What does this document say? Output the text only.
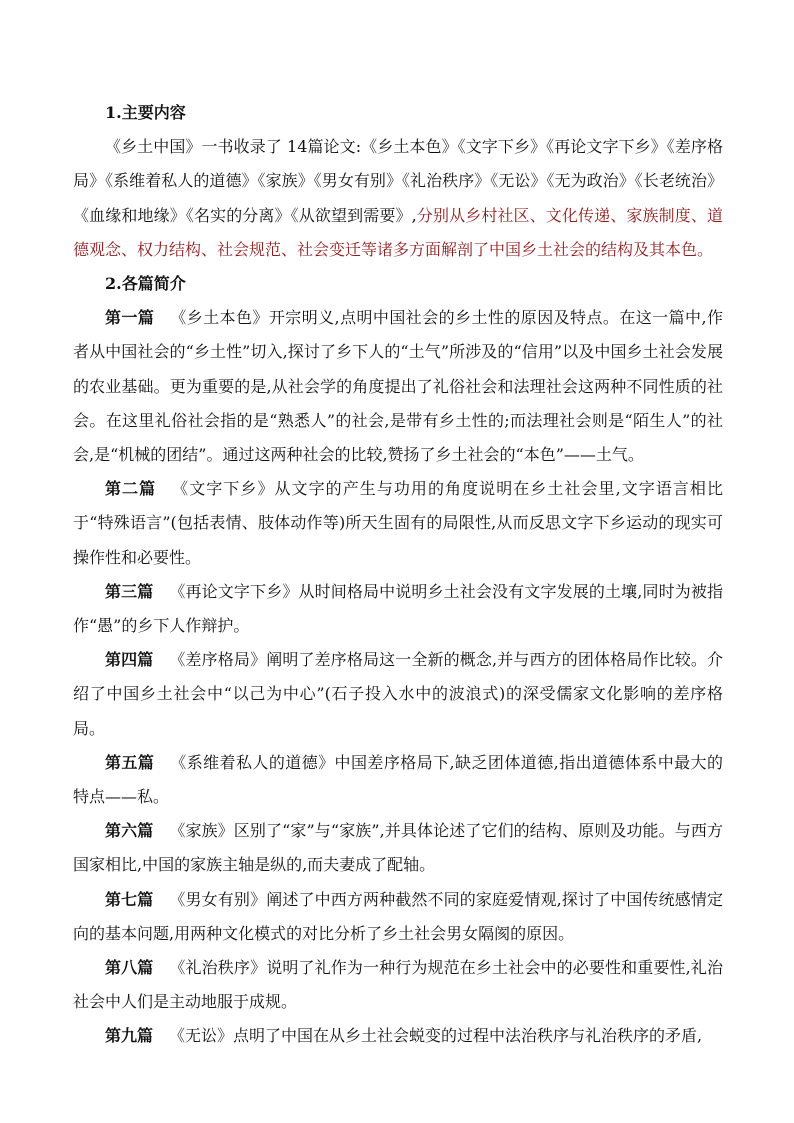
1.主要内容

《乡土中国》一书收录了 14篇论文:《乡土本色》《文字下乡》《再论文字下乡》《差序格局》《系维着私人的道德》《家族》《男女有别》《礼治秩序》《无讼》《无为政治》《长老统治》《血缘和地缘》《名实的分离》《从欲望到需要》,分别从乡村社区、文化传递、家族制度、道德观念、权力结构、社会规范、社会变迁等诸多方面解剖了中国乡土社会的结构及其本色。

2.各篇简介

第一篇 《乡土本色》开宗明义,点明中国社会的乡土性的原因及特点。在这一篇中,作者从中国社会的“乡土性”切入,探讨了乡下人的“土气”所涉及的“信用”以及中国乡土社会发展的农业基础。更为重要的是,从社会学的角度提出了礼俗社会和法理社会这两种不同性质的社会。在这里礼俗社会指的是“熟悉人”的社会,是带有乡土性的;而法理社会则是“陌生人”的社会,是“机械的团结”。通过这两种社会的比较,赞扬了乡土社会的“本色”——土气。

第二篇 《文字下乡》从文字的产生与功用的角度说明在乡土社会里,文字语言相比于“特殊语言”(包括表情、肢体动作等)所天生固有的局限性,从而反思文字下乡运动的现实可操作性和必要性。

第三篇 《再论文字下乡》从时间格局中说明乡土社会没有文字发展的土壤,同时为被指作“愚”的乡下人作辩护。

第四篇 《差序格局》阐明了差序格局这一全新的概念,并与西方的团体格局作比较。介绍了中国乡土社会中“以己为中心”(石子投入水中的波浪式)的深受儒家文化影响的差序格局。

第五篇 《系维着私人的道德》中国差序格局下,缺乏团体道德,指出道德体系中最大的特点——私。

第六篇 《家族》区别了“家”与“家族”,并具体论述了它们的结构、原则及功能。与西方国家相比,中国的家族主轴是纵的,而夫妻成了配轴。

第七篇 《男女有别》阐述了中西方两种截然不同的家庭爱情观,探讨了中国传统感情定向的基本问题,用两种文化模式的对比分析了乡土社会男女隔阂的原因。

第八篇 《礼治秩序》说明了礼作为一种行为规范在乡土社会中的必要性和重要性,礼治社会中人们是主动地服于成规。

第九篇 《无讼》点明了中国在从乡土社会蜕变的过程中法治秩序与礼治秩序的矛盾,
